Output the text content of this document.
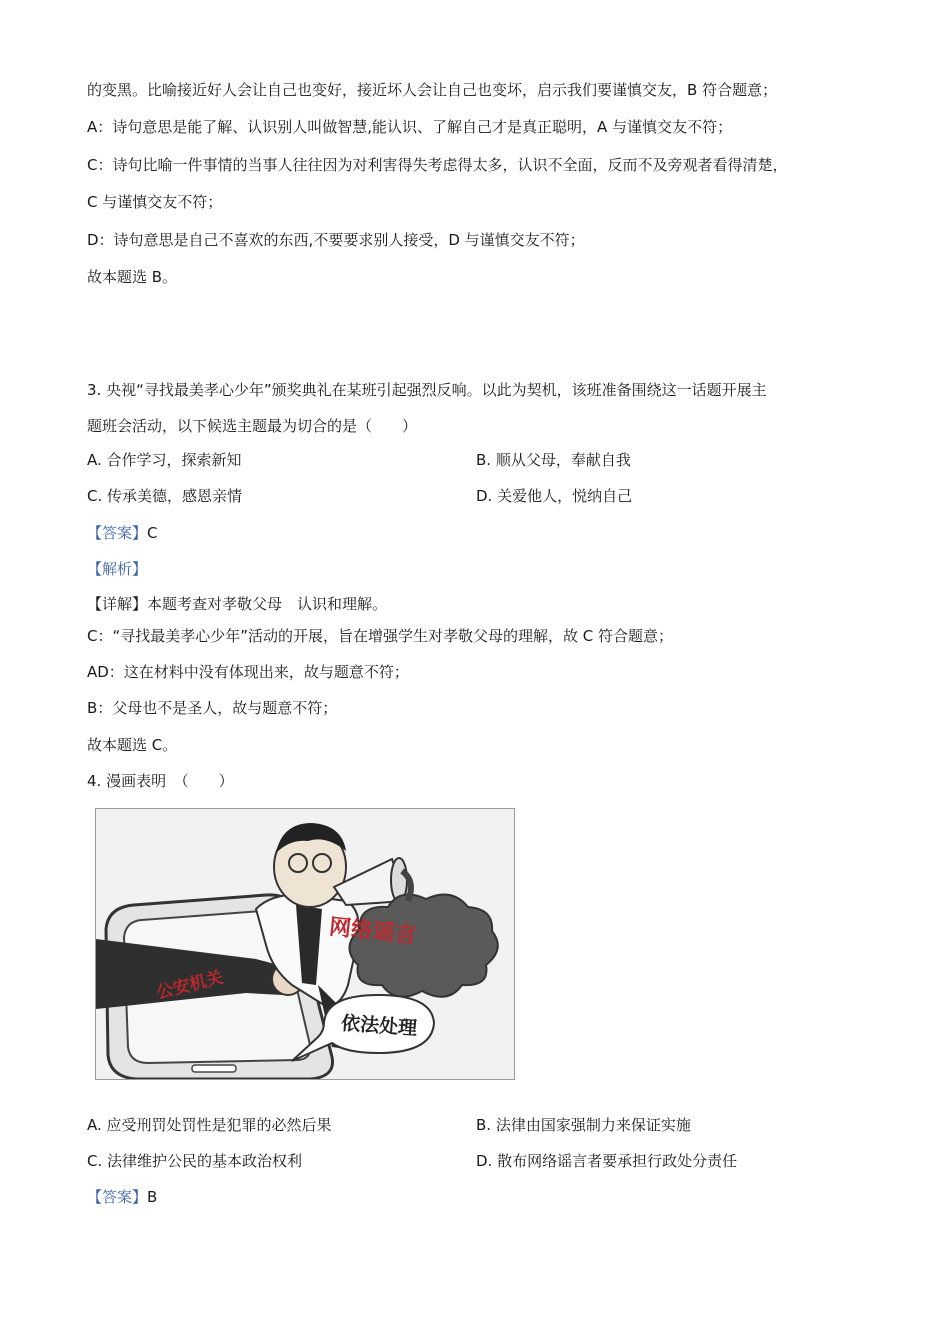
的变黑。比喻接近好人会让自己也变好，接近坏人会让自己也变坏，启示我们要谨慎交友，B 符合题意；
A：诗句意思是能了解、认识别人叫做智慧,能认识、了解自己才是真正聪明，A 与谨慎交友不符；
C：诗句比喻一件事情的当事人往往因为对利害得失考虑得太多，认识不全面，反而不及旁观者看得清楚，
C 与谨慎交友不符；
D：诗句意思是自己不喜欢的东西,不要要求别人接受，D 与谨慎交友不符；
故本题选 B。
3. 央视“寻找最美孝心少年”颁奖典礼在某班引起强烈反响。以此为契机，该班准备围绕这一话题开展主
题班会活动，以下候选主题最为切合的是（　　）
A. 合作学习，探索新知	B. 顺从父母，奉献自我
C. 传承美德，感恩亲情	D. 关爱他人，悦纳自己
【答案】C
【解析】
【详解】本题考查对孝敬父母　认识和理解。
C：“寻找最美孝心少年”活动的开展，旨在增强学生对孝敬父母的理解，故 C 符合题意；
AD：这在材料中没有体现出来，故与题意不符；
B：父母也不是圣人，故与题意不符；
故本题选 C。
4. 漫画表明　（　　）
网络谣言
公安机关
依法处理
A. 应受刑罚处罚性是犯罪的必然后果	B. 法律由国家强制力来保证实施
C. 法律维护公民的基本政治权利	D. 散布网络谣言者要承担行政处分责任
【答案】B
